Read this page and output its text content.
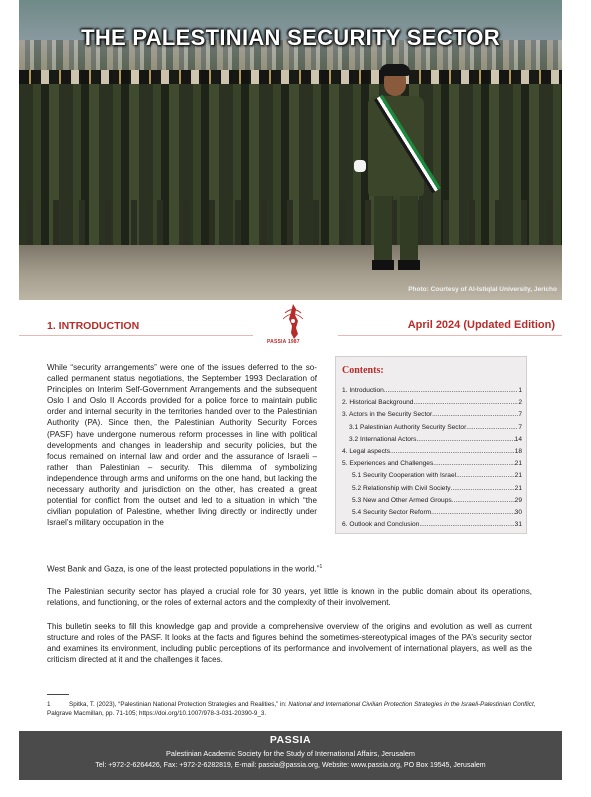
THE PALESTINIAN SECURITY SECTOR
Photo: Courtesy of Al-Istiqlal University, Jericho
1. INTRODUCTION	April 2024 (Updated Edition)
PASSIA 1987
While “security arrangements” were one of the issues deferred to the so-called permanent status negotiations, the September 1993 Declaration of Principles on Interim Self-Government Arrangements and the subsequent Oslo I and Oslo II Accords provided for a police force to maintain public order and internal security in the territories handed over to the Palestinian Authority (PA). Since then, the Palestinian Authority Security Forces (PASF) have undergone numerous reform processes in line with political developments and changes in leadership and security policies, but the focus remained on internal law and order and the assurance of Israeli – rather than Palestinian – security. This dilemma of symbolizing independence through arms and uniforms on the one hand, but lacking the necessary authority and jurisdiction on the other, has created a great potential for conflict from the outset and led to a situation in which “the civilian population of Palestine, whether living directly or indirectly under Israel’s military occupation in the
West Bank and Gaza, is one of the least protected populations in the world.”$^1$
Contents:
1. Introduction .....	1
2. Historical Background .....	2
3. Actors in the Security Sector .....	7
3.1 Palestinian Authority Security Sector .....	7
3.2 International Actors .....	14
4. Legal aspects .....	18
5. Experiences and Challenges .....	21
5.1 Security Cooperation with Israel .....	21
5.2 Relationship with Civil Society .....	21
5.3 New and Other Armed Groups .....	29
5.4 Security Sector Reform .....	30
6. Outlook and Conclusion .....	31
The Palestinian security sector has played a crucial role for 30 years, yet little is known in the public domain about its operations, relations, and functioning, or the roles of external actors and the complexity of their involvement.
This bulletin seeks to fill this knowledge gap and provide a comprehensive overview of the origins and evolution as well as current structure and roles of the PASF. It looks at the facts and figures behind the sometimes-stereotypical images of the PA’s security sector and examines its environment, including public perceptions of its performance and involvement of international players, as well as the criticism directed at it and the challenges it faces.
1	Spitka, T. (2023), “Palestinian National Protection Strategies and Realities,” in: National and International Civilian Protection Strategies in the Israeli-Palestinian Conflict, Palgrave Macmillan, pp. 71-105; https://doi.org/10.1007/978-3-031-20390-9_3.
PASSIA
Palestinian Academic Society for the Study of International Affairs, Jerusalem
Tel: +972-2-6264426, Fax: +972-2-6282819, E-mail: passia@passia.org, Website: www.passia.org, PO Box 19545, Jerusalem
